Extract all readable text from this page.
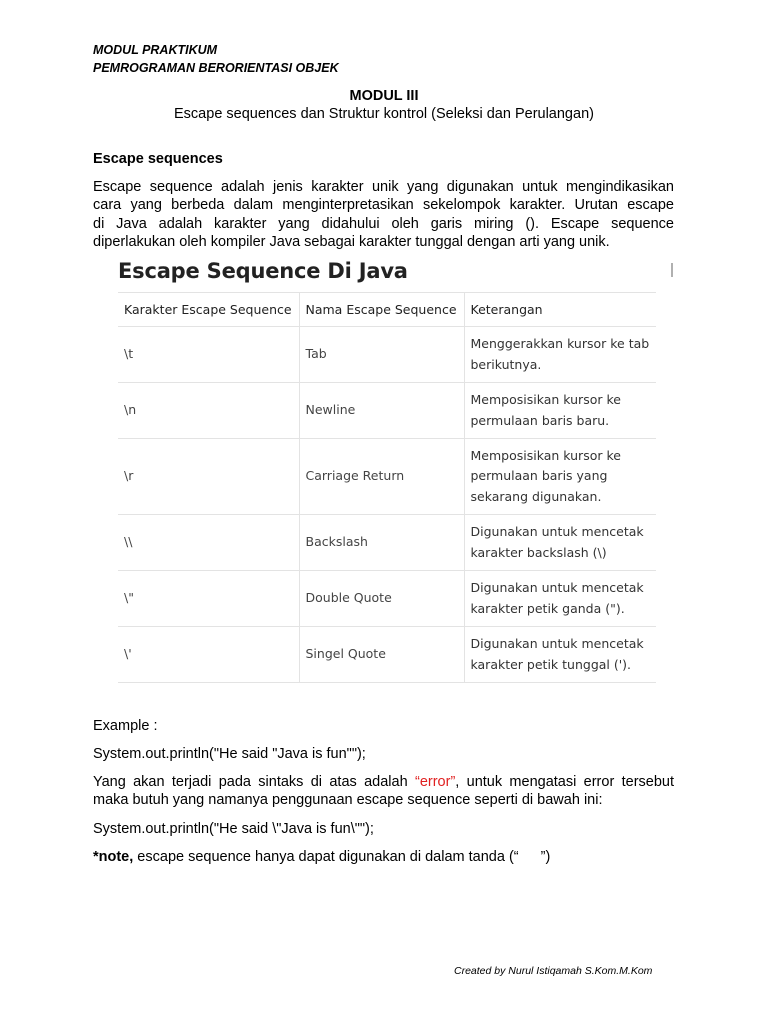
MODUL PRAKTIKUM
PEMROGRAMAN BERORIENTASI OBJEK
MODUL III
Escape sequences dan Struktur kontrol (Seleksi dan Perulangan)
Escape sequences
Escape sequence adalah jenis karakter unik yang digunakan untuk mengindikasikan
cara yang berbeda dalam menginterpretasikan sekelompok karakter. Urutan escape
di Java adalah karakter yang didahului oleh garis miring (). Escape sequence
diperlakukan oleh kompiler Java sebagai karakter tunggal dengan arti yang unik.
Escape Sequence Di Java
Karakter Escape Sequence	Nama Escape Sequence	Keterangan
\t	Tab	Menggerakkan kursor ke tab
berikutnya.
\n	Newline	Memposisikan kursor ke
permulaan baris baru.
\r	Carriage Return	Memposisikan kursor ke
permulaan baris yang
sekarang digunakan.
\\	Backslash	Digunakan untuk mencetak
karakter backslash (\)
\"	Double Quote	Digunakan untuk mencetak
karakter petik ganda (").
\'	Singel Quote	Digunakan untuk mencetak
karakter petik tunggal (').
Example :
System.out.println("He said "Java is fun"");
Yang akan terjadi pada sintaks di atas adalah “error”, untuk mengatasi error tersebut
maka butuh yang namanya penggunaan escape sequence seperti di bawah ini:
System.out.println("He said \"Java is fun\"");
*note, escape sequence hanya dapat digunakan di dalam tanda (“ ”)
Created by Nurul Istiqamah S.Kom.M.Kom
